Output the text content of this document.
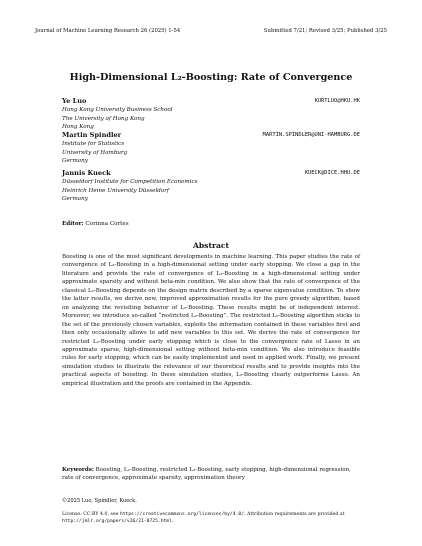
Journal of Machine Learning Research 26 (2025) 1-54	Submitted 7/21; Revised 3/25; Published 3/25
High-Dimensional L₂-Boosting: Rate of Convergence
Ye Luo	KURTLUO@HKU.HK
Hong Kong University Business School
The University of Hong Kong
Hong Kong
Martin Spindler	MARTIN.SPINDLER@UNI-HAMBURG.DE
Institute for Statistics
University of Hamburg
Germany
Jannis Kueck	KUECK@DICE.HHU.DE
Düsseldorf Institute for Competition Economics
Heinrich Heine University Düsseldorf
Germany
Editor: Corinna Cortes
Abstract
Boosting is one of the most significant developments in machine learning. This paper studies the rate of convergence of L₂-Boosting in a high-dimensional setting under early stopping. We close a gap in the literature and provide the rate of convergence of L₂-Boosting in a high-dimensional setting under approximate sparsity and without beta-min condition. We also show that the rate of convergence of the classical L₂-Boosting depends on the design matrix described by a sparse eigenvalue condition. To show the latter results, we derive new, improved approximation results for the pure greedy algorithm, based on analyzing the revisiting behavior of L₂-Boosting. These results might be of independent interest. Moreover, we introduce so-called “restricted L₂-Boosting”. The restricted L₂-Boosting algorithm sticks to the set of the previously chosen variables, exploits the information contained in these variables first and then only occasionally allows to add new variables to this set. We derive the rate of convergence for restricted L₂-Boosting under early stopping which is close to the convergence rate of Lasso in an approximate sparse, high-dimensional setting without beta-min condition. We also introduce feasible rules for early stopping, which can be easily implemented and used in applied work. Finally, we present simulation studies to illustrate the relevance of our theoretical results and to provide insights into the practical aspects of boosting. In these simulation studies, L₂-Boosting clearly outperforms Lasso. An empirical illustration and the proofs are contained in the Appendix.
Keywords: Boosting, L₂-Boosting, restricted L₂-Boosting, early stopping, high-dimensional regression, rate of convergence, approximate sparsity, approximation theory
©2025 Luo, Spindler, Kueck.
License: CC-BY 4.0, see https://creativecommons.org/licenses/by/4.0/. Attribution requirements are provided at http://jmlr.org/papers/v26/21-0725.html.
